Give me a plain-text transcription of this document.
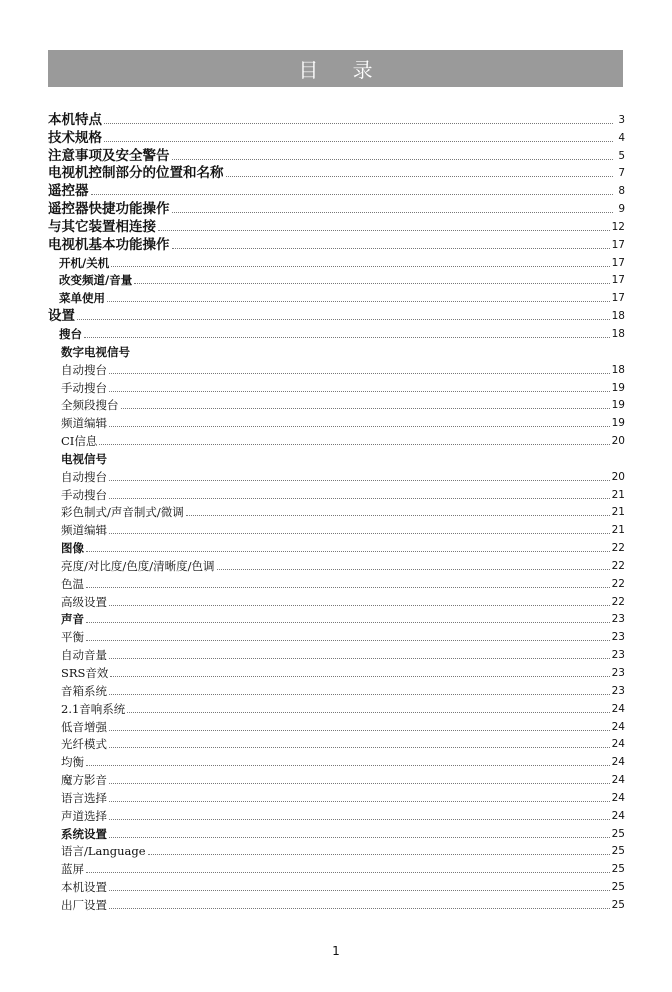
目 录
本机特点	3
技术规格	4
注意事项及安全警告	5
电视机控制部分的位置和名称	7
遥控器	8
遥控器快捷功能操作	9
与其它装置相连接	12
电视机基本功能操作	17
开机/关机	17
改变频道/音量	17
菜单使用	17
设置	18
搜台	18
数字电视信号
自动搜台	18
手动搜台	19
全频段搜台	19
频道编辑	19
CI信息	20
电视信号
自动搜台	20
手动搜台	21
彩色制式/声音制式/微调	21
频道编辑	21
图像	22
亮度/对比度/色度/清晰度/色调	22
色温	22
高级设置	22
声音	23
平衡	23
自动音量	23
SRS音效	23
音箱系统	23
2.1音响系统	24
低音增强	24
光纤模式	24
均衡	24
魔方影音	24
语言选择	24
声道选择	24
系统设置	25
语言/Language	25
蓝屏	25
本机设置	25
出厂设置	25
1
